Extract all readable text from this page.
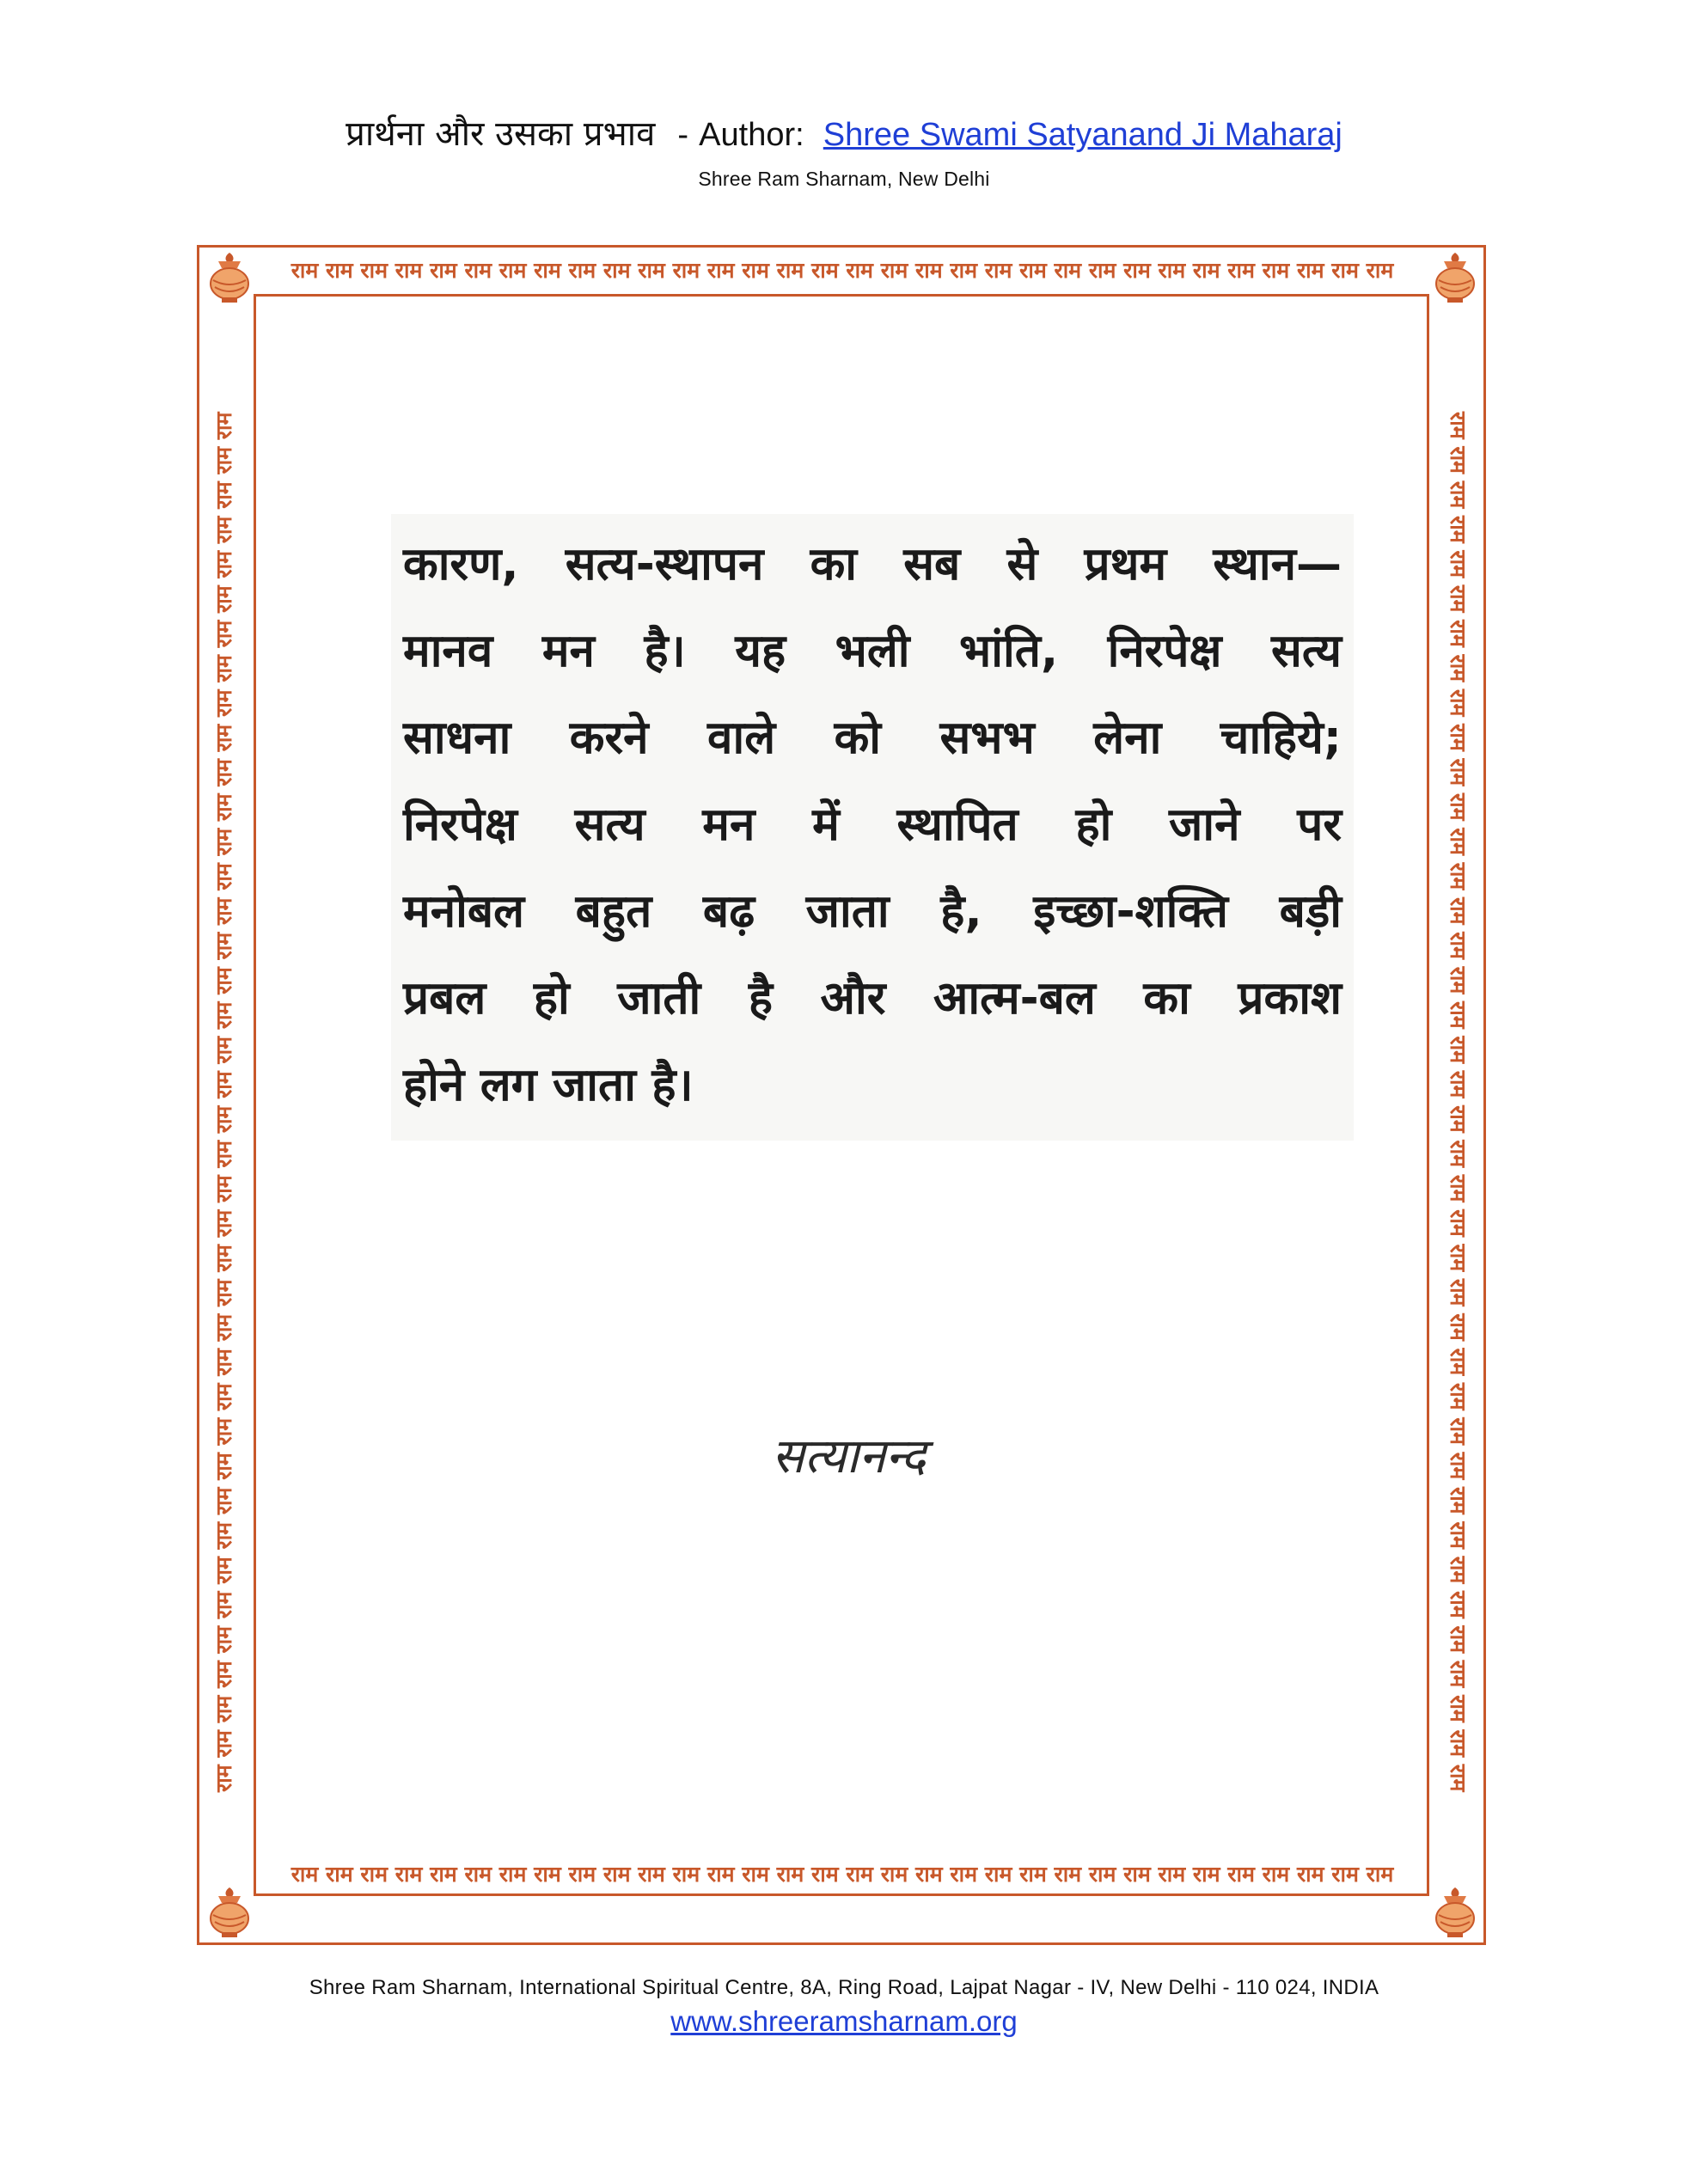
प्रार्थना और उसका प्रभाव - Author: Shree Swami Satyanand Ji Maharaj
Shree Ram Sharnam, New Delhi
राम राम राम राम राम राम राम राम राम राम राम राम राम राम राम राम राम राम राम राम राम राम राम राम राम राम राम राम राम राम राम राम
राम राम राम राम राम राम राम राम राम राम राम राम राम राम राम राम राम राम राम राम राम राम राम राम राम राम राम राम राम राम राम राम
राम राम राम राम राम राम राम राम राम राम राम राम राम राम राम राम राम राम राम राम राम राम राम राम राम राम राम राम राम राम राम राम राम राम राम राम राम राम राम राम	राम राम राम राम राम राम राम राम राम राम राम राम राम राम राम राम राम राम राम राम राम राम राम राम राम राम राम राम राम राम राम राम राम राम राम राम राम राम राम राम
कारण, सत्य-स्थापन का सब से प्रथम स्थान—
मानव मन है। यह भली भांति, निरपेक्ष सत्य
साधना करने वाले को सभभ लेना चाहिये;
निरपेक्ष सत्य मन में स्थापित हो जाने पर
मनोबल बहुत बढ़ जाता है, इच्छा-शक्ति बड़ी
प्रबल हो जाती है और आत्म-बल का प्रकाश
होने लग जाता है।
सत्यानन्द
Shree Ram Sharnam, International Spiritual Centre, 8A, Ring Road, Lajpat Nagar - IV, New Delhi - 110 024, INDIA
www.shreeramsharnam.org
